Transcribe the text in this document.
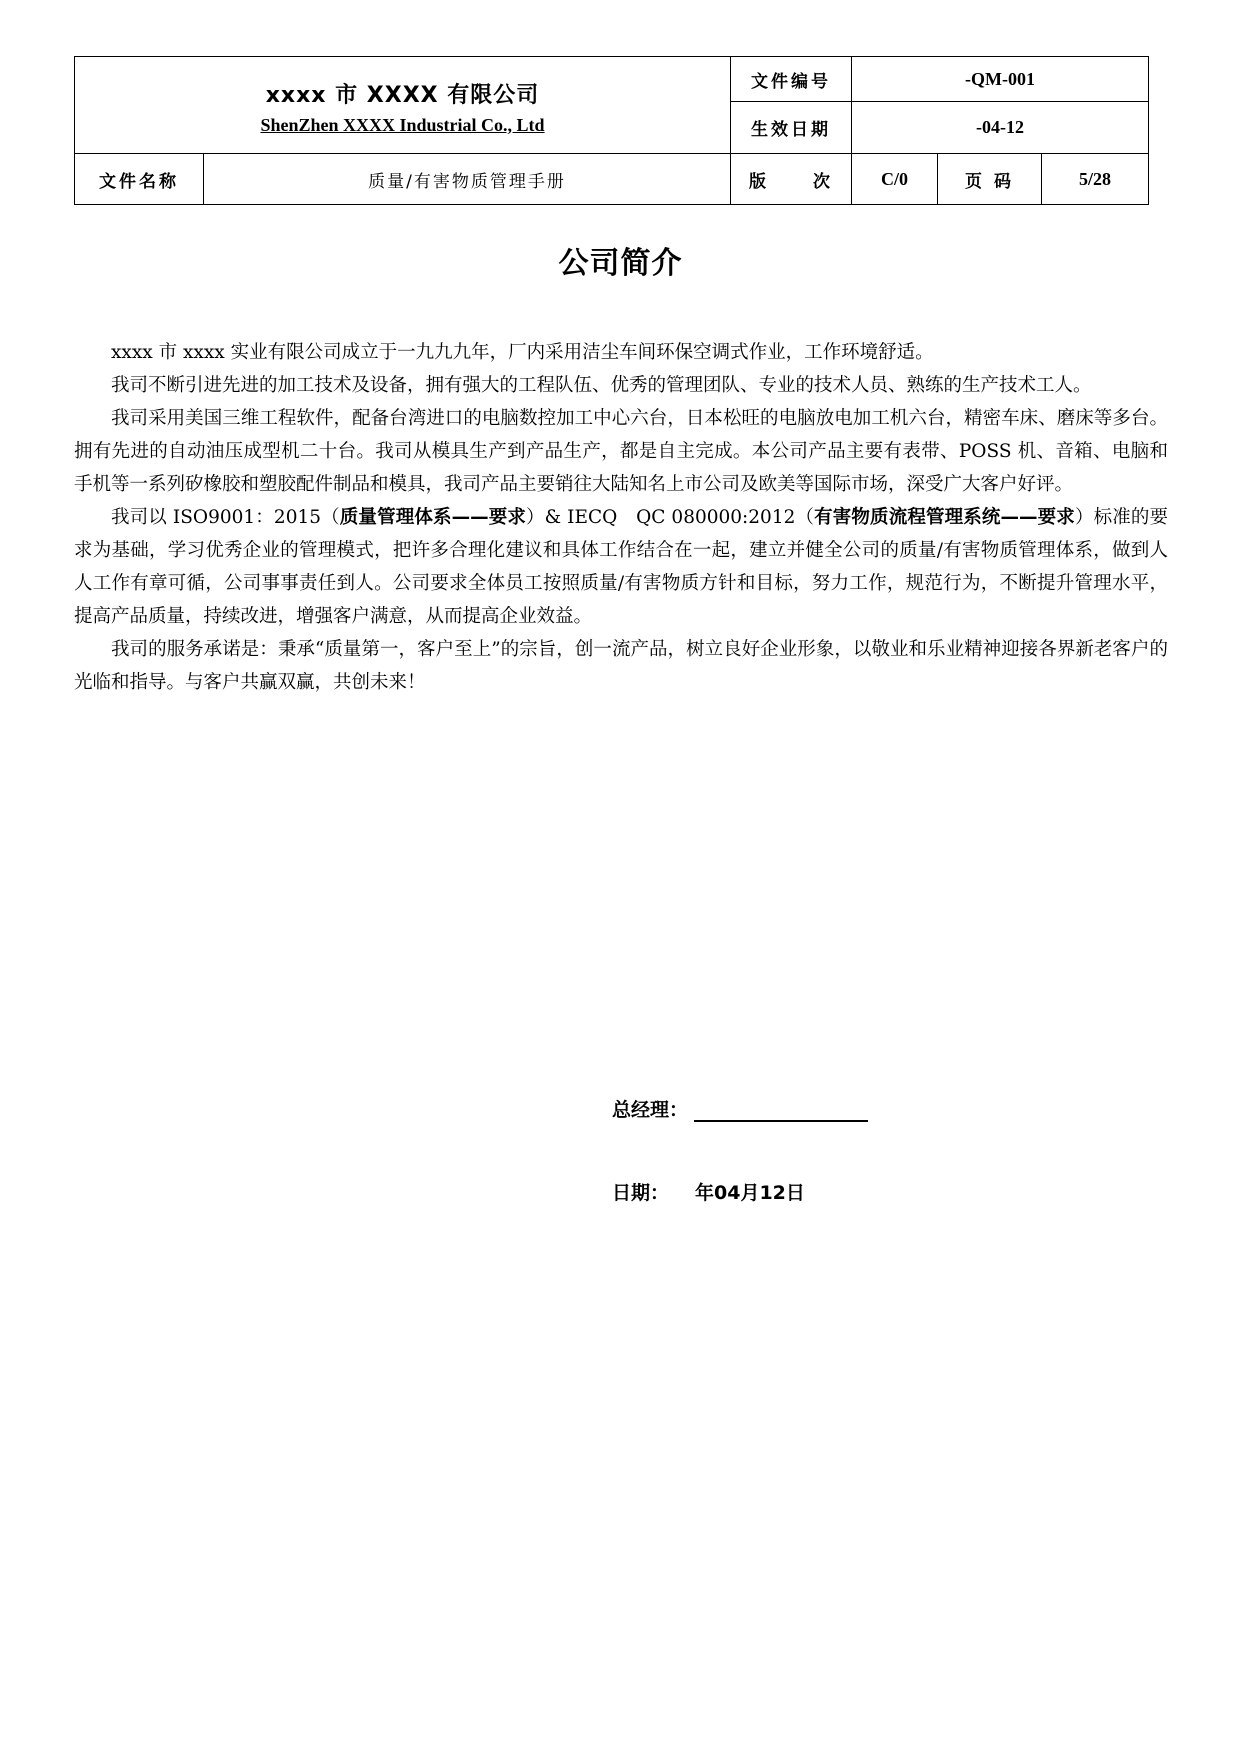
xxxx 市 XXXX 有限公司
ShenZhen XXXX Industrial Co., Ltd		文件编号	-QM-001		
		生效日期	-04-12		
文件名称	质量/有害物质管理手册	版 次	C/0	页 码	5/28
公司简介

xxxx 市 xxxx 实业有限公司成立于一九九九年，厂内采用洁尘车间环保空调式作业，工作环境舒适。

我司不断引进先进的加工技术及设备，拥有强大的工程队伍、优秀的管理团队、专业的技术人员、熟练的生产技术工人。

我司采用美国三维工程软件，配备台湾进口的电脑数控加工中心六台，日本松旺的电脑放电加工机六台，精密车床、磨床等多台。拥有先进的自动油压成型机二十台。我司从模具生产到产品生产，都是自主完成。本公司产品主要有表带、POSS 机、音箱、电脑和手机等一系列矽橡胶和塑胶配件制品和模具，我司产品主要销往大陆知名上市公司及欧美等国际市场，深受广大客户好评。

我司以 ISO9001：2015（质量管理体系——要求）& IECQ　QC 080000:2012（有害物质流程管理系统——要求）标准的要求为基础，学习优秀企业的管理模式，把许多合理化建议和具体工作结合在一起，建立并健全公司的质量/有害物质管理体系，做到人人工作有章可循，公司事事责任到人。公司要求全体员工按照质量/有害物质方针和目标，努力工作，规范行为，不断提升管理水平，提高产品质量，持续改进，增强客户满意，从而提高企业效益。

我司的服务承诺是：秉承“质量第一，客户至上”的宗旨，创一流产品，树立良好企业形象，以敬业和乐业精神迎接各界新老客户的光临和指导。与客户共赢双赢，共创未来！

总经理：
日期： 年04月12日
